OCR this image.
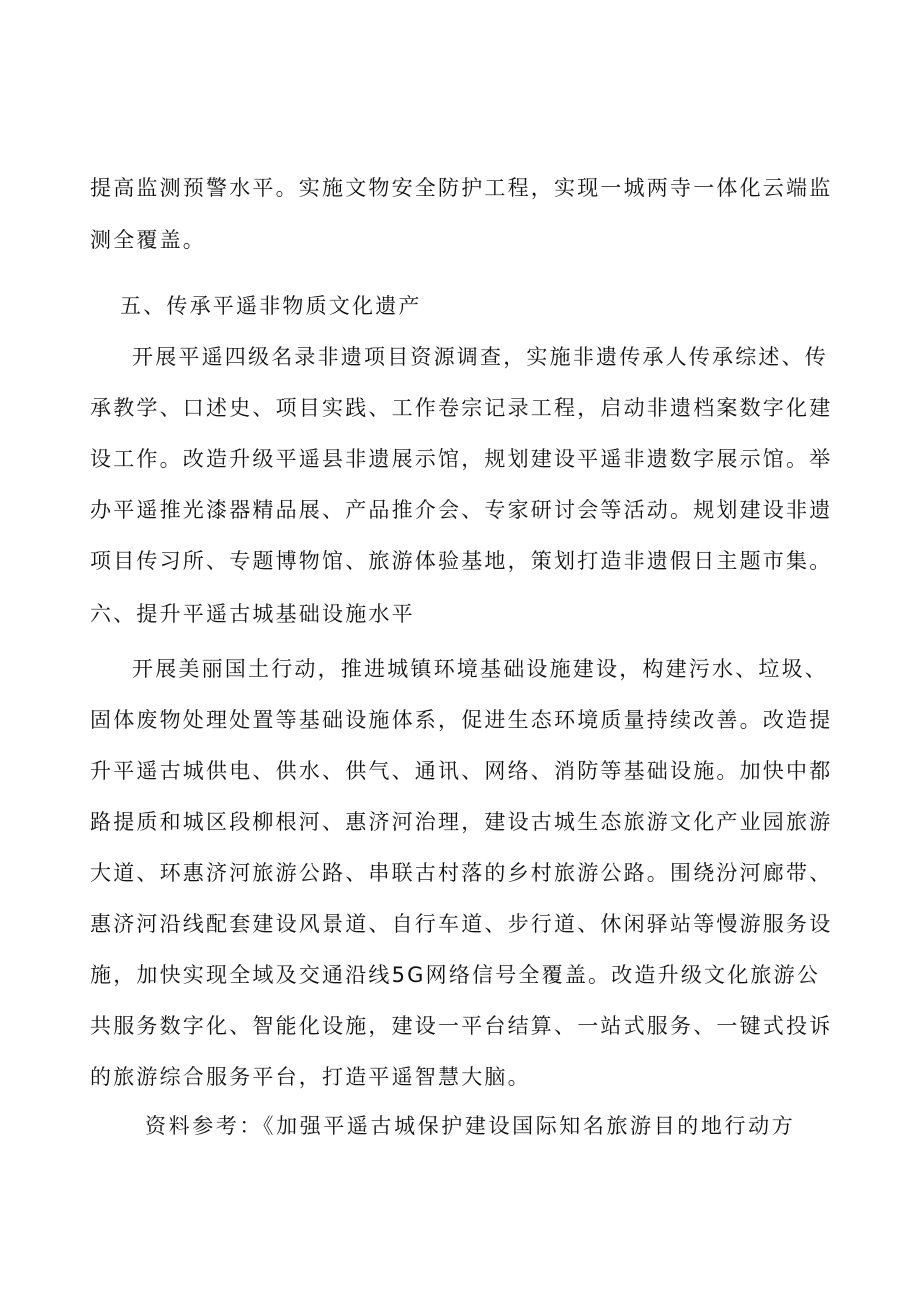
提高监测预警水平。实施文物安全防护工程，实现一城两寺一体化云端监

测全覆盖。

五、传承平遥非物质文化遗产

开展平遥四级名录非遗项目资源调查，实施非遗传承人传承综述、传

承教学、口述史、项目实践、工作卷宗记录工程，启动非遗档案数字化建

设工作。改造升级平遥县非遗展示馆，规划建设平遥非遗数字展示馆。举

办平遥推光漆器精品展、产品推介会、专家研讨会等活动。规划建设非遗

项目传习所、专题博物馆、旅游体验基地，策划打造非遗假日主题市集。

六、提升平遥古城基础设施水平

开展美丽国土行动，推进城镇环境基础设施建设，构建污水、垃圾、

固体废物处理处置等基础设施体系，促进生态环境质量持续改善。改造提

升平遥古城供电、供水、供气、通讯、网络、消防等基础设施。加快中都

路提质和城区段柳根河、惠济河治理，建设古城生态旅游文化产业园旅游

大道、环惠济河旅游公路、串联古村落的乡村旅游公路。围绕汾河廊带、

惠济河沿线配套建设风景道、自行车道、步行道、休闲驿站等慢游服务设

施，加快实现全域及交通沿线5G网络信号全覆盖。改造升级文化旅游公

共服务数字化、智能化设施，建设一平台结算、一站式服务、一键式投诉

的旅游综合服务平台，打造平遥智慧大脑。

资料参考：《加强平遥古城保护建设国际知名旅游目的地行动方
